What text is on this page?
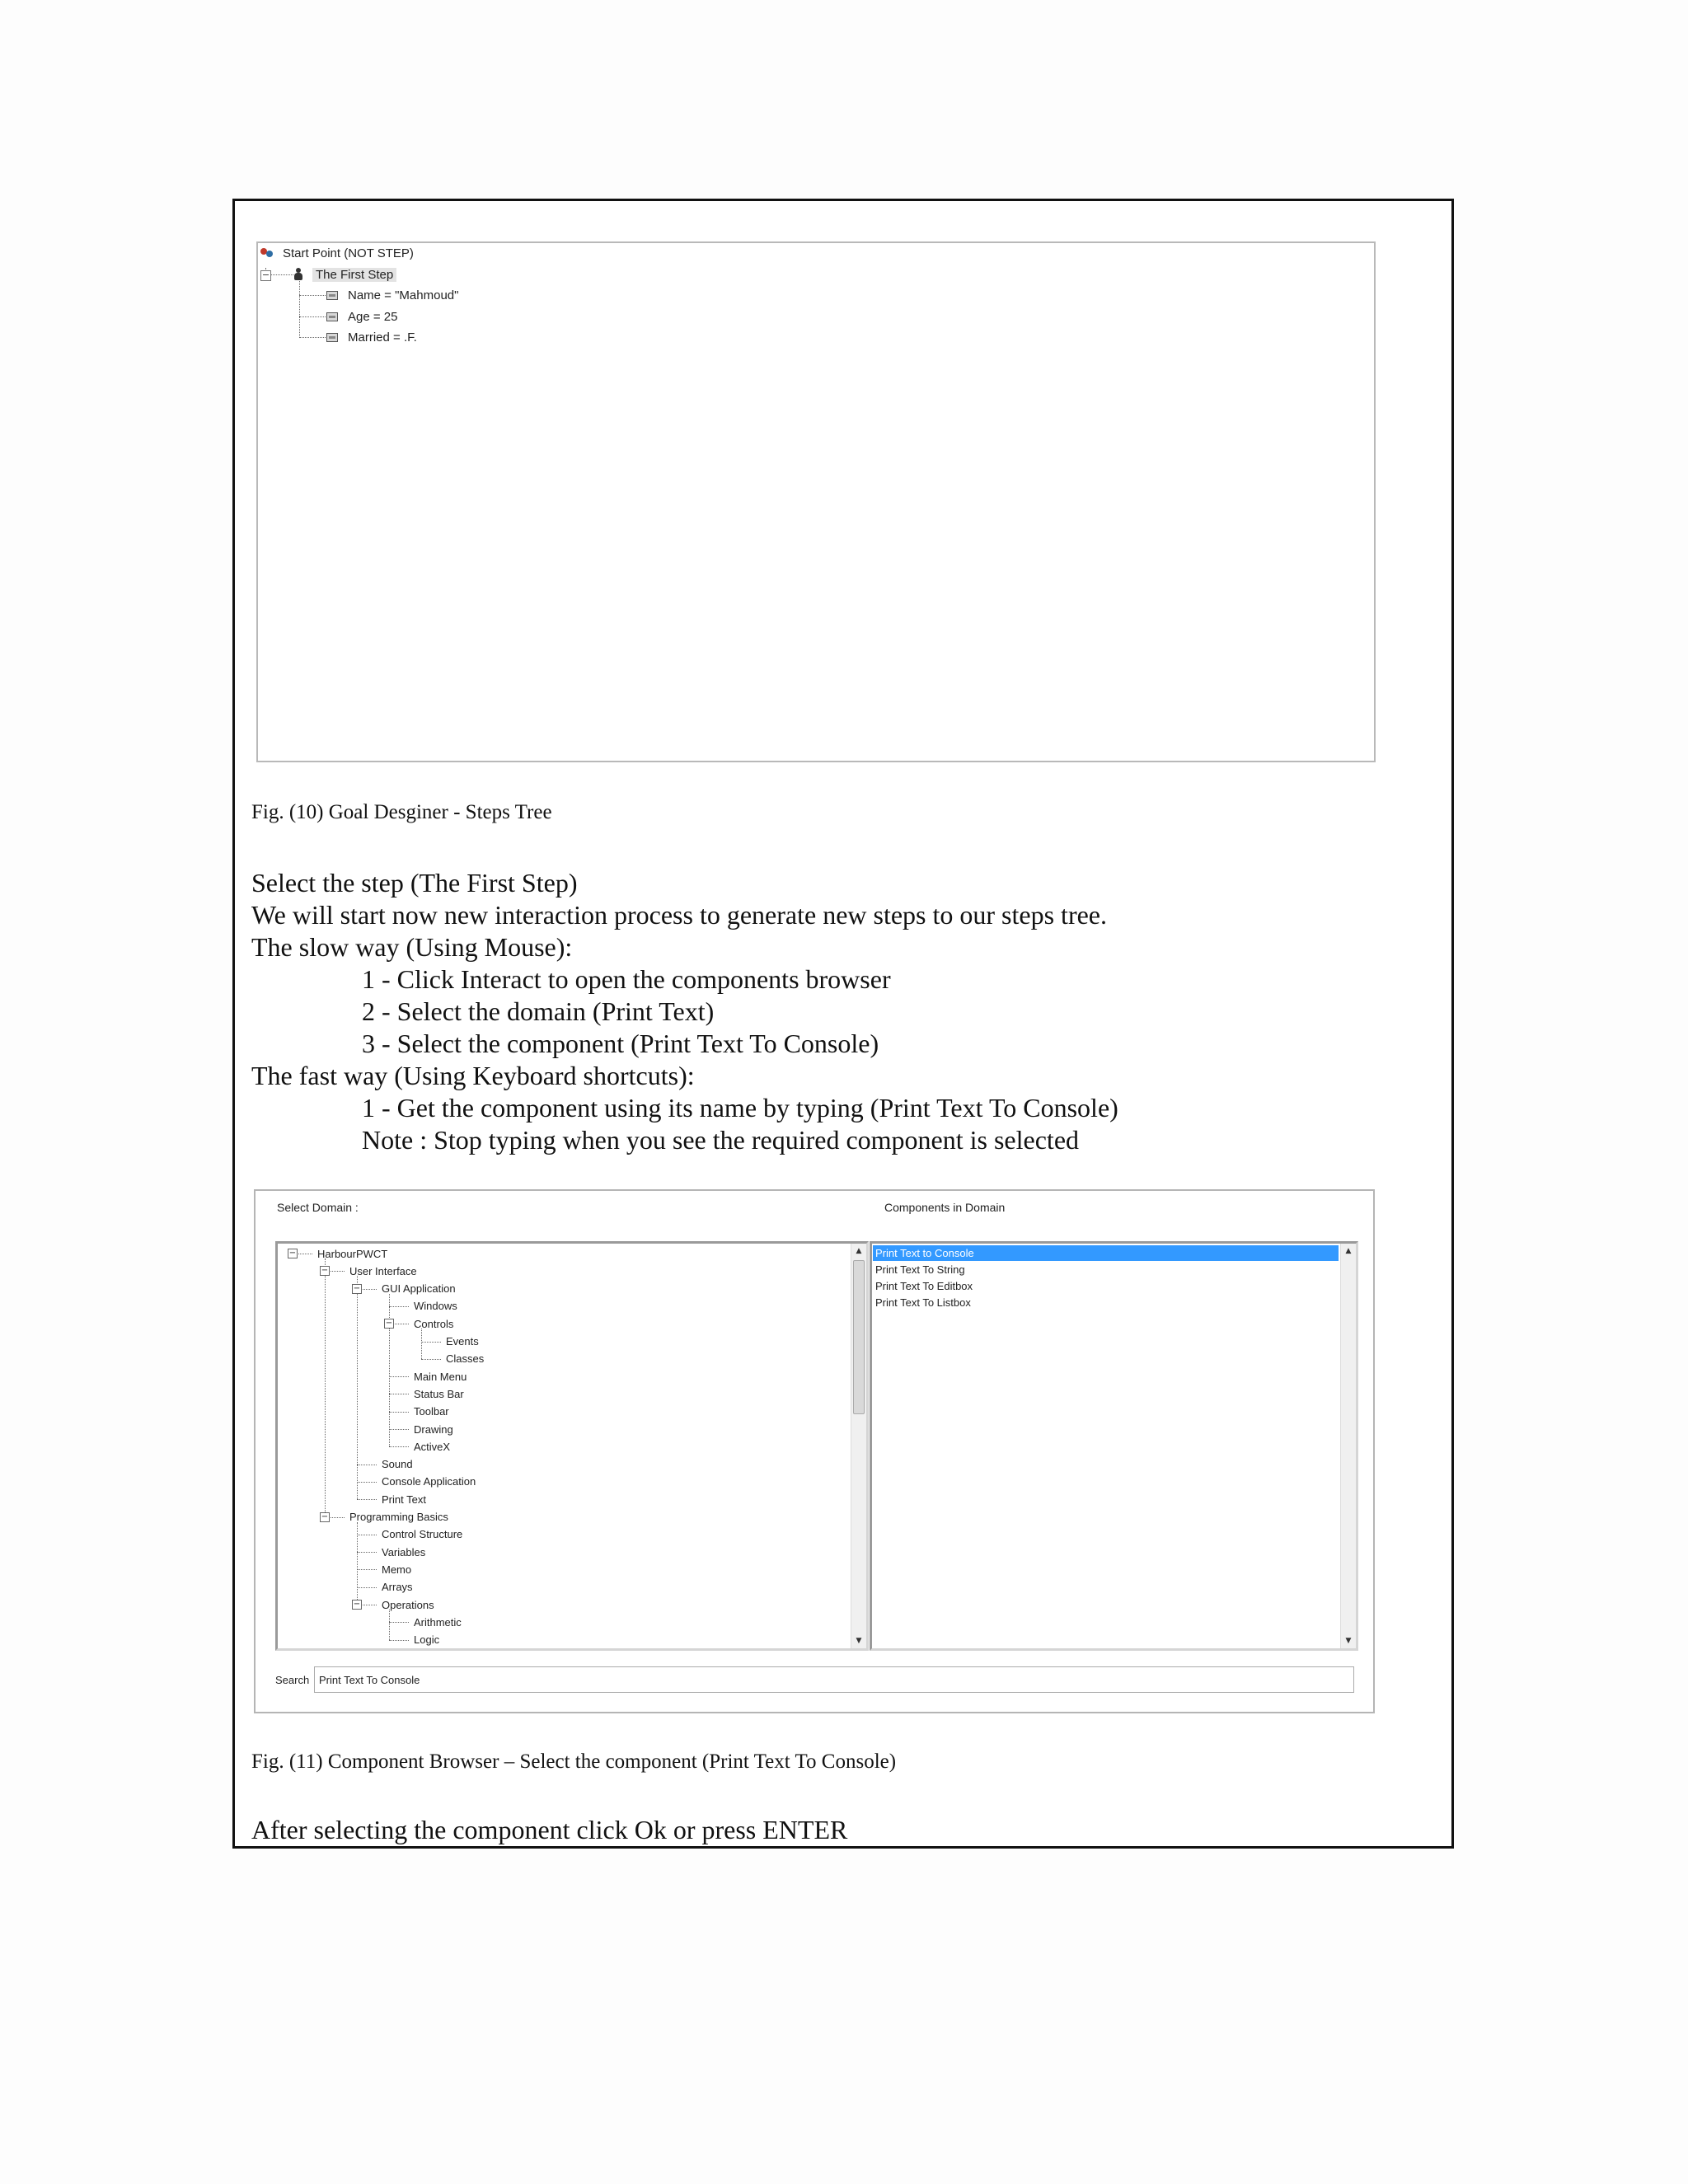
Start Point (NOT STEP)
−	The First Step
Name = "Mahmoud"
Age = 25
Married = .F.
Fig. (10) Goal Desginer - Steps Tree
Select the step (The First Step)
We will start now new interaction process to generate new steps to our steps tree.
The slow way (Using Mouse):
1 - Click Interact to open the components browser
2 - Select the domain (Print Text)
3 - Select the component (Print Text To Console)
The fast way (Using Keyboard shortcuts):
1 - Get the component using its name by typing (Print Text To Console)
Note : Stop typing when you see the required component is selected
Select Domain :	Components in Domain
HarbourPWCT
−
User Interface
−
GUI Application
−
Windows
Controls
−
Events
Classes
Main Menu
Status Bar
Toolbar
Drawing
ActiveX
Sound
Console Application
Print Text
Programming Basics
−
Control Structure
Variables
Memo
Arrays
Operations
−
Arithmetic
Logic
▲
▼
Print Text to Console
Print Text To String
Print Text To Editbox
Print Text To Listbox
▲
▼
Search
Print Text To Console
Fig. (11) Component Browser – Select the component (Print Text To Console)
After selecting the component click Ok or press ENTER
